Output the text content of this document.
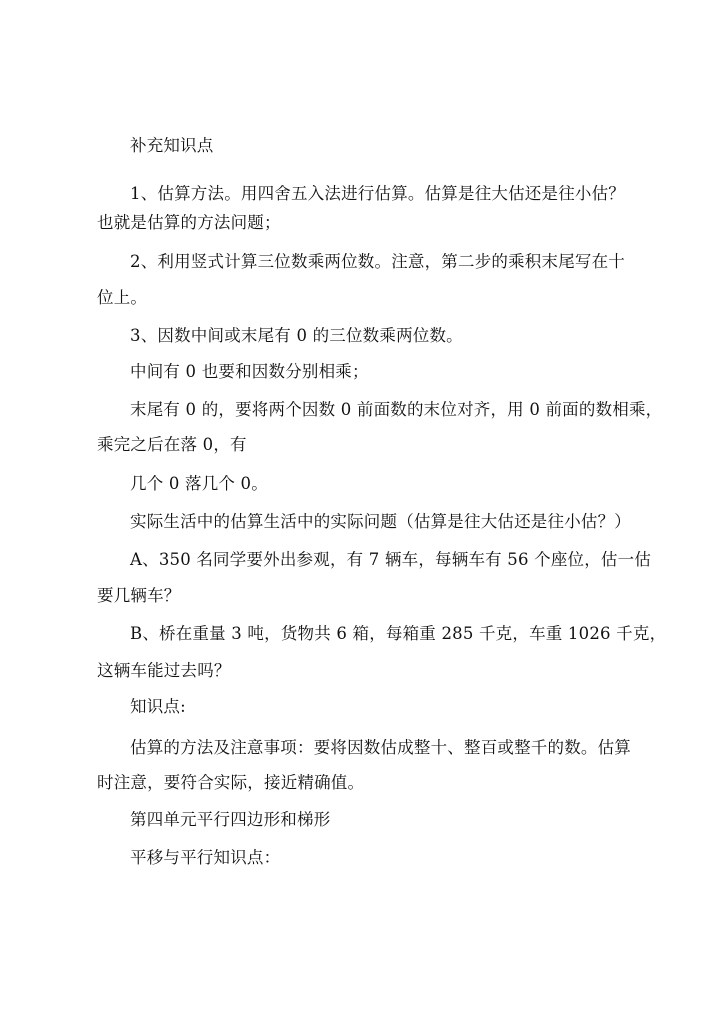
补充知识点
1、估算方法。用四舍五入法进行估算。估算是往大估还是往小估？
也就是估算的方法问题；
2、利用竖式计算三位数乘两位数。注意，第二步的乘积末尾写在十
位上。
3、因数中间或末尾有 0 的三位数乘两位数。
中间有 0 也要和因数分别相乘；
末尾有 0 的，要将两个因数 0 前面数的末位对齐，用 0 前面的数相乘，
乘完之后在落 0，有
几个 0 落几个 0。
实际生活中的估算生活中的实际问题（估算是往大估还是往小估？）
A、350 名同学要外出参观，有 7 辆车，每辆车有 56 个座位，估一估
要几辆车？
B、桥在重量 3 吨，货物共 6 箱，每箱重 285 千克，车重 1026 千克，
这辆车能过去吗？
知识点:
估算的方法及注意事项：要将因数估成整十、整百或整千的数。估算
时注意，要符合实际，接近精确值。
第四单元平行四边形和梯形
平移与平行知识点：
